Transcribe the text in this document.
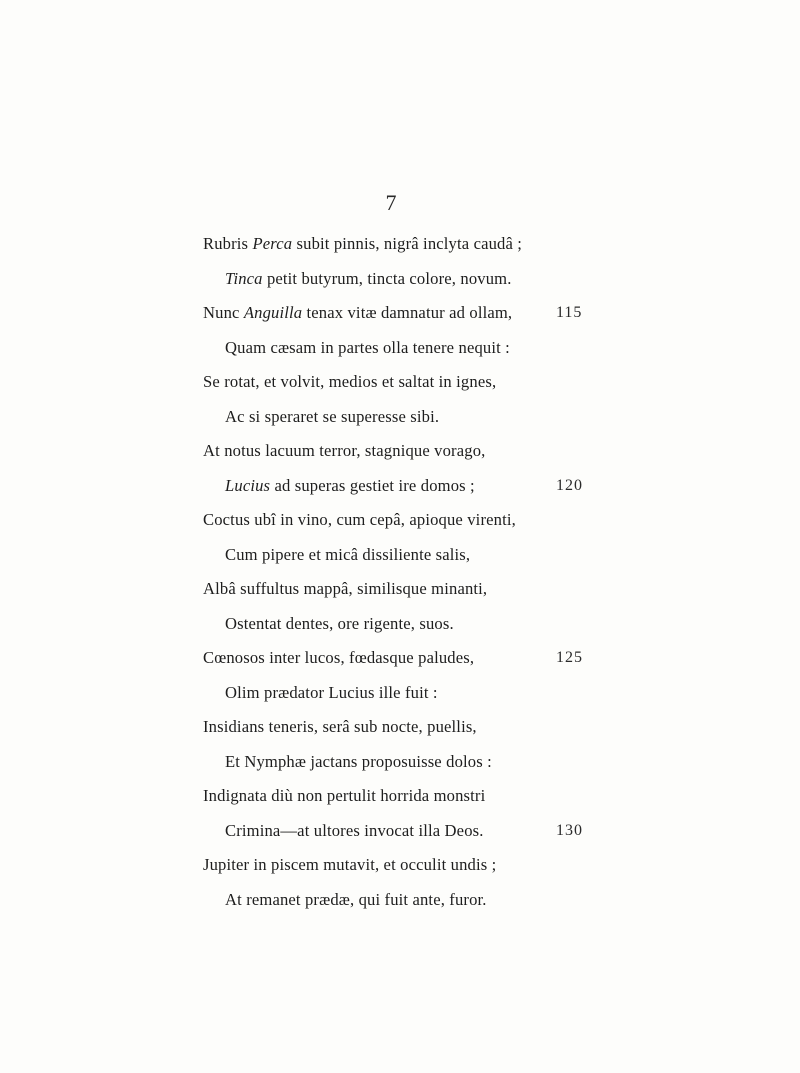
7
Rubris Perca subit pinnis, nigrâ inclyta caudâ ;
Tinca petit butyrum, tincta colore, novum.
Nunc Anguilla tenax vitæ damnatur ad ollam,	115
Quam cæsam in partes olla tenere nequit :
Se rotat, et volvit, medios et saltat in ignes,
Ac si speraret se superesse sibi.
At notus lacuum terror, stagnique vorago,
Lucius ad superas gestiet ire domos ;	120
Coctus ubî in vino, cum cepâ, apioque virenti,
Cum pipere et micâ dissiliente salis,
Albâ suffultus mappâ, similisque minanti,
Ostentat dentes, ore rigente, suos.
Cœnosos inter lucos, fœdasque paludes,	125
Olim prædator Lucius ille fuit :
Insidians teneris, serâ sub nocte, puellis,
Et Nymphæ jactans proposuisse dolos :
Indignata diù non pertulit horrida monstri
Crimina—at ultores invocat illa Deos.	130
Jupiter in piscem mutavit, et occulit undis ;
At remanet prædæ, qui fuit ante, furor.
